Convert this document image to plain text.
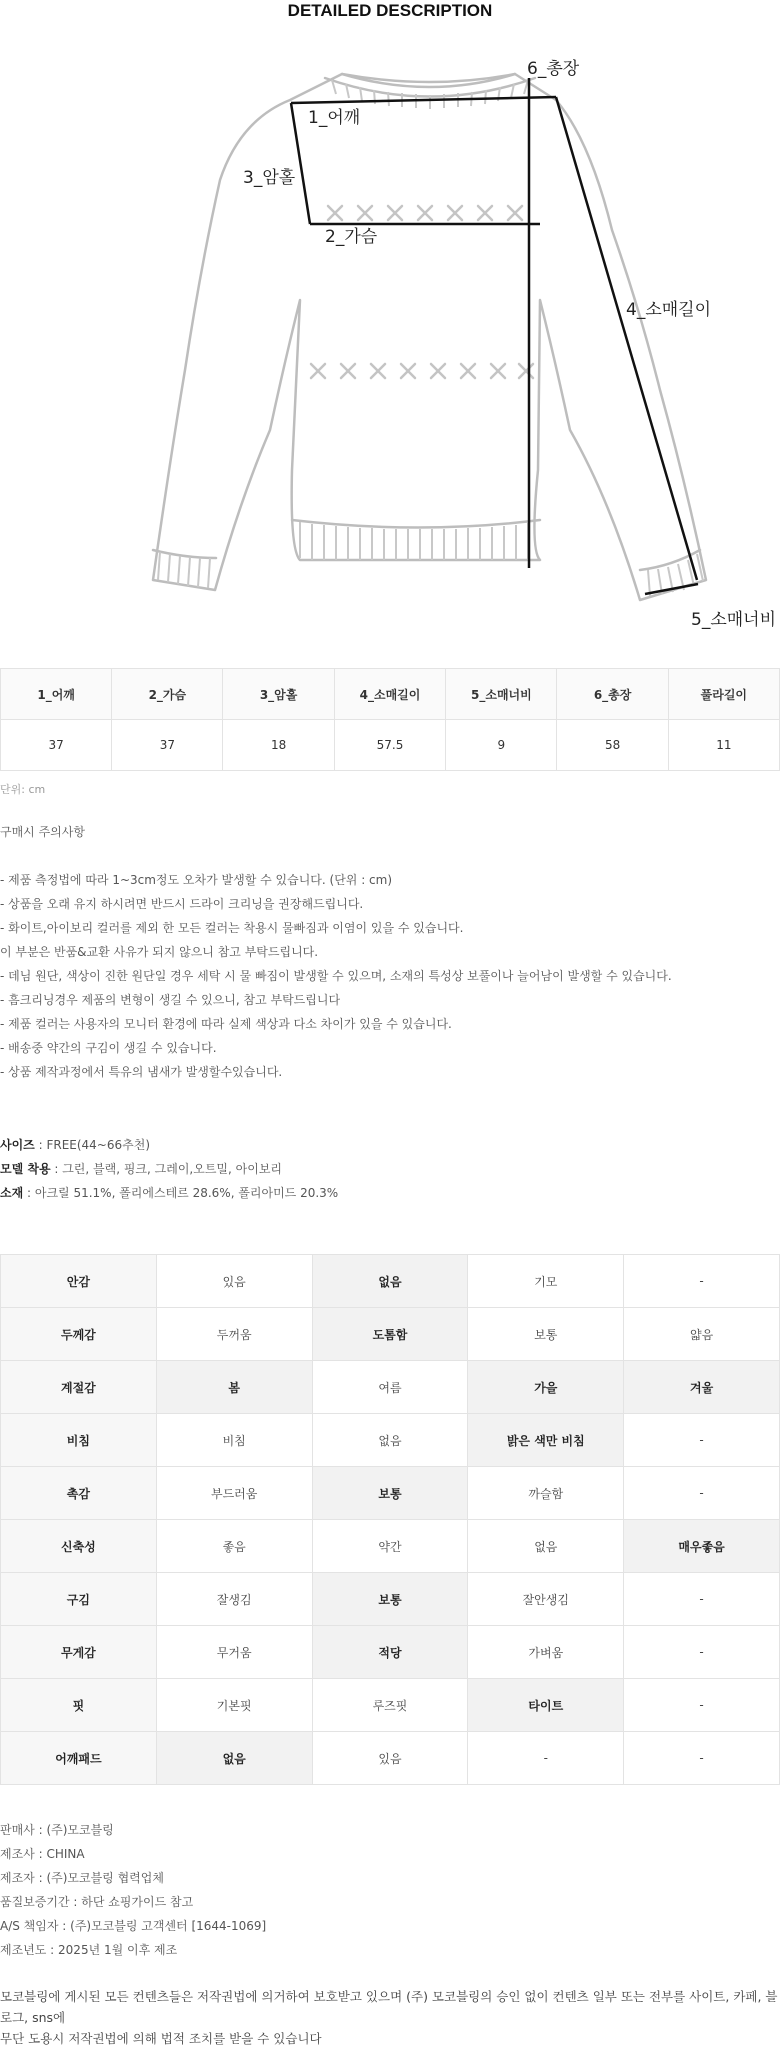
DETAILED DESCRIPTION
1_어깨
2_가슴
3_암홀
4_소매길이
5_소매너비
6_총장
1_어깨	2_가슴	3_암홀	4_소매길이	5_소매너비	6_총장	풀라길이
37	37	18	57.5	9	58	11
단위: cm
구매시 주의사항
- 제품 측정법에 따라 1~3cm정도 오차가 발생할 수 있습니다. (단위 : cm)
- 상품을 오래 유지 하시려면 반드시 드라이 크리닝을 권장해드립니다.
- 화이트,아이보리 컬러를 제외 한 모든 컬러는 착용시 물빠짐과 이염이 있을 수 있습니다.
이 부분은 반품&교환 사유가 되지 않으니 참고 부탁드립니다.
- 데님 원단, 색상이 진한 원단일 경우 세탁 시 물 빠짐이 발생할 수 있으며, 소재의 특성상 보풀이나 늘어남이 발생할 수 있습니다.
- 흠크리닝경우 제품의 변형이 생길 수 있으니, 참고 부탁드립니다
- 제품 컬러는 사용자의 모니터 환경에 따라 실제 색상과 다소 차이가 있을 수 있습니다.
- 배송중 약간의 구김이 생길 수 있습니다.
- 상품 제작과정에서 특유의 냄새가 발생할수있습니다.
사이즈 : FREE(44~66추천)
모델 착용 : 그린, 블랙, 핑크, 그레이,오트밀, 아이보리
소재 : 아크릴 51.1%, 폴리에스테르 28.6%, 폴리아미드 20.3%
안감	있음	없음	기모	-
두께감	두꺼움	도톰함	보통	얇음
계절감	봄	여름	가을	겨울
비침	비침	없음	밝은 색만 비침	-
촉감	부드러움	보통	까슬함	-
신축성	좋음	약간	없음	매우좋음
구김	잘생김	보통	잘안생김	-
무게감	무거움	적당	가벼움	-
핏	기본핏	루즈핏	타이트	-
어깨패드	없음	있음	-	-
판매사 : (주)모코블링
제조사 : CHINA
제조자 : (주)모코블링 협력업체
품질보증기간 : 하단 쇼핑가이드 참고
A/S 책임자 : (주)모코블링 고객센터 [1644-1069]
제조년도 : 2025년 1월 이후 제조
모코블링에 게시된 모든 컨텐츠들은 저작권법에 의거하여 보호받고 있으며 (주) 모코블링의 승인 없이 컨텐츠 일부 또는 전부를 사이트, 카페, 블로그, sns에
무단 도용시 저작권법에 의해 법적 조치를 받을 수 있습니다
